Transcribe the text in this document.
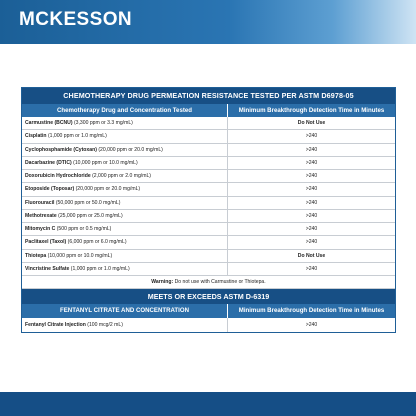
MCKESSON
CHEMOTHERAPY DRUG PERMEATION RESISTANCE TESTED PER ASTM D6978-05
Chemotherapy Drug and Concentration Tested	Minimum Breakthrough Detection Time in Minutes
Carmustine (BCNU) (3,300 ppm or 3.3 mg/mL)	Do Not Use
Cisplatin (1,000 ppm or 1.0 mg/mL)	>240
Cyclophosphamide (Cytoxan) (20,000 ppm or 20.0 mg/mL)	>240
Dacarbazine (DTIC) (10,000 ppm or 10.0 mg/mL)	>240
Doxorubicin Hydrochloride (2,000 ppm or 2.0 mg/mL)	>240
Etoposide (Toposar) (20,000 ppm or 20.0 mg/mL)	>240
Fluorouracil (50,000 ppm or 50.0 mg/mL)	>240
Methotrexate (25,000 ppm or 25.0 mg/mL)	>240
Mitomycin C (500 ppm or 0.5 mg/mL)	>240
Paclitaxel (Taxol) (6,000 ppm or 6.0 mg/mL)	>240
Thiotepa (10,000 ppm or 10.0 mg/mL)	Do Not Use
Vincristine Sulfate (1,000 ppm or 1.0 mg/mL)	>240
Warning: Do not use with Carmustine or Thiotepa.
MEETS OR EXCEEDS ASTM D-6319
FENTANYL CITRATE AND CONCENTRATION	Minimum Breakthrough Detection Time in Minutes
Fentanyl Citrate Injection (100 mcg/2 mL)	>240
